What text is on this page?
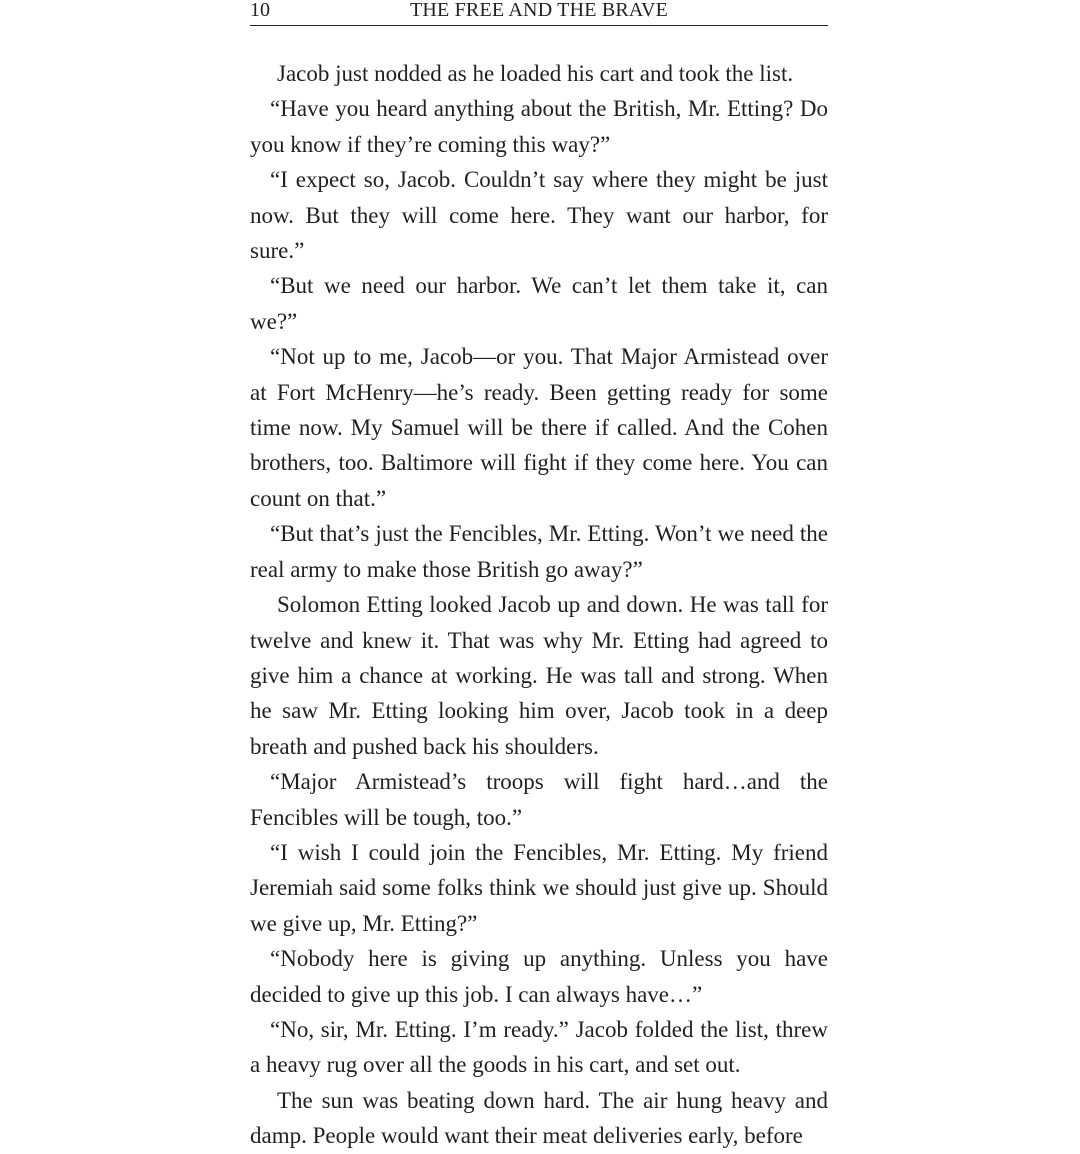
10	THE FREE AND THE BRAVE

Jacob just nodded as he loaded his cart and took the list.

“Have you heard anything about the British, Mr. Etting? Do you know if they’re coming this way?”

“I expect so, Jacob. Couldn’t say where they might be just now. But they will come here. They want our harbor, for sure.”

“But we need our harbor. We can’t let them take it, can we?”

“Not up to me, Jacob—or you. That Major Armistead over at Fort McHenry—he’s ready. Been getting ready for some time now. My Samuel will be there if called. And the Cohen brothers, too. Baltimore will fight if they come here. You can count on that.”

“But that’s just the Fencibles, Mr. Etting. Won’t we need the real army to make those British go away?”

Solomon Etting looked Jacob up and down. He was tall for twelve and knew it. That was why Mr. Etting had agreed to give him a chance at working. He was tall and strong. When he saw Mr. Etting looking him over, Jacob took in a deep breath and pushed back his shoulders.

“Major Armistead’s troops will fight hard…and the Fencibles will be tough, too.”

“I wish I could join the Fencibles, Mr. Etting. My friend Jeremiah said some folks think we should just give up. Should we give up, Mr. Etting?”

“Nobody here is giving up anything. Unless you have decided to give up this job. I can always have…”

“No, sir, Mr. Etting. I’m ready.” Jacob folded the list, threw a heavy rug over all the goods in his cart, and set out.

The sun was beating down hard. The air hung heavy and damp. People would want their meat deliveries early, before
